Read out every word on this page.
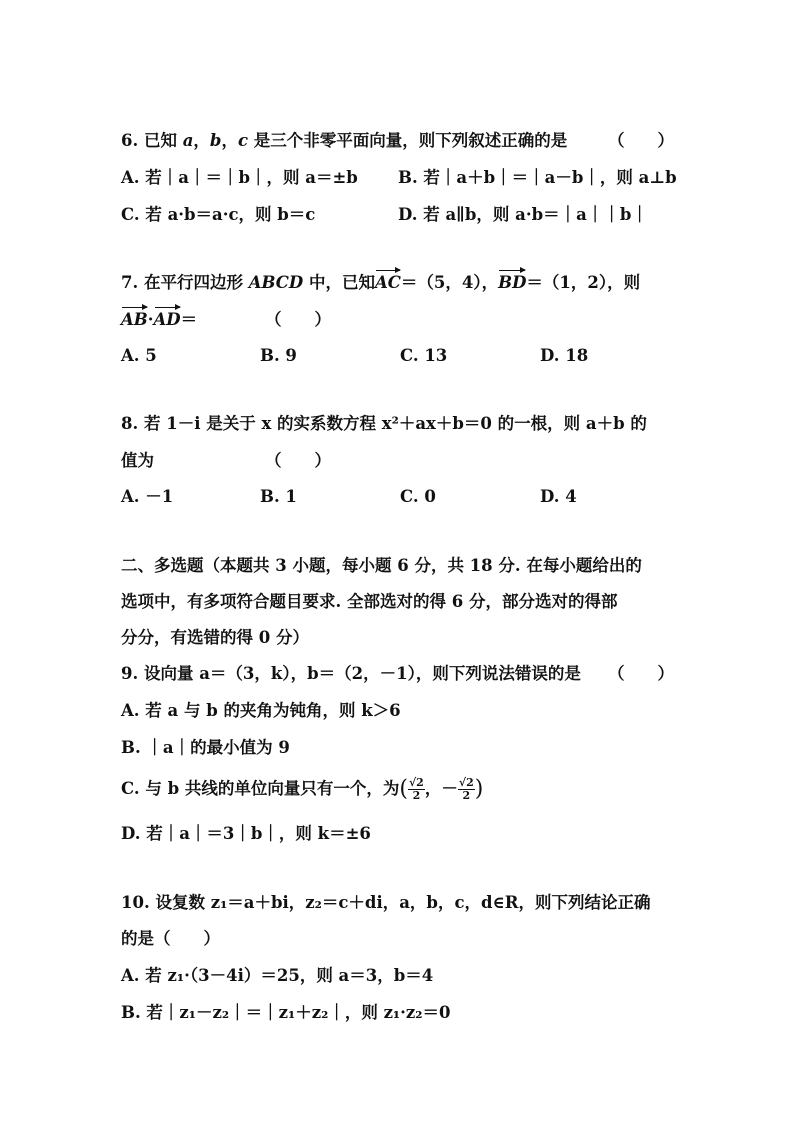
6. 已知 a，b，c 是三个非零平面向量，则下列叙述正确的是 （　　）
A. 若｜a｜＝｜b｜，则 a＝±b B. 若｜a＋b｜＝｜a－b｜，则 a⊥b
C. 若 a·b＝a·c，则 b＝c	D. 若 a∥b，则 a·b＝｜a｜｜b｜
7. 在平行四边形 ABCD 中，已知AC＝（5，4），BD＝（1，2），则
AB·AD＝	（　　）
A. 5	B. 9	C. 13	D. 18
8. 若 1－i 是关于 x 的实系数方程 x²＋ax＋b＝0 的一根，则 a＋b 的
值为	（　　）
A. －1	B. 1	C. 0	D. 4
二、多选题（本题共 3 小题，每小题 6 分，共 18 分. 在每小题给出的
选项中，有多项符合题目要求. 全部选对的得 6 分，部分选对的得部
分分，有选错的得 0 分）
9. 设向量 a＝（3，k），b＝（2，－1），则下列说法错误的是 （　　）
A. 若 a 与 b 的夹角为钝角，则 k＞6
B. ｜a｜的最小值为 9
C. 与 b 共线的单位向量只有一个，为( $\frac{√2}{2}$ ，－ $\frac{√2}{2}$ )
D. 若｜a｜＝3｜b｜，则 k＝±6
10. 设复数 z₁＝a＋bi，z₂＝c＋di，a，b，c，d∈R，则下列结论正确
的是（　　）
A. 若 z₁·（3－4i）＝25，则 a＝3，b＝4
B. 若｜z₁－z₂｜＝｜z₁＋z₂｜，则 z₁·z₂＝0
